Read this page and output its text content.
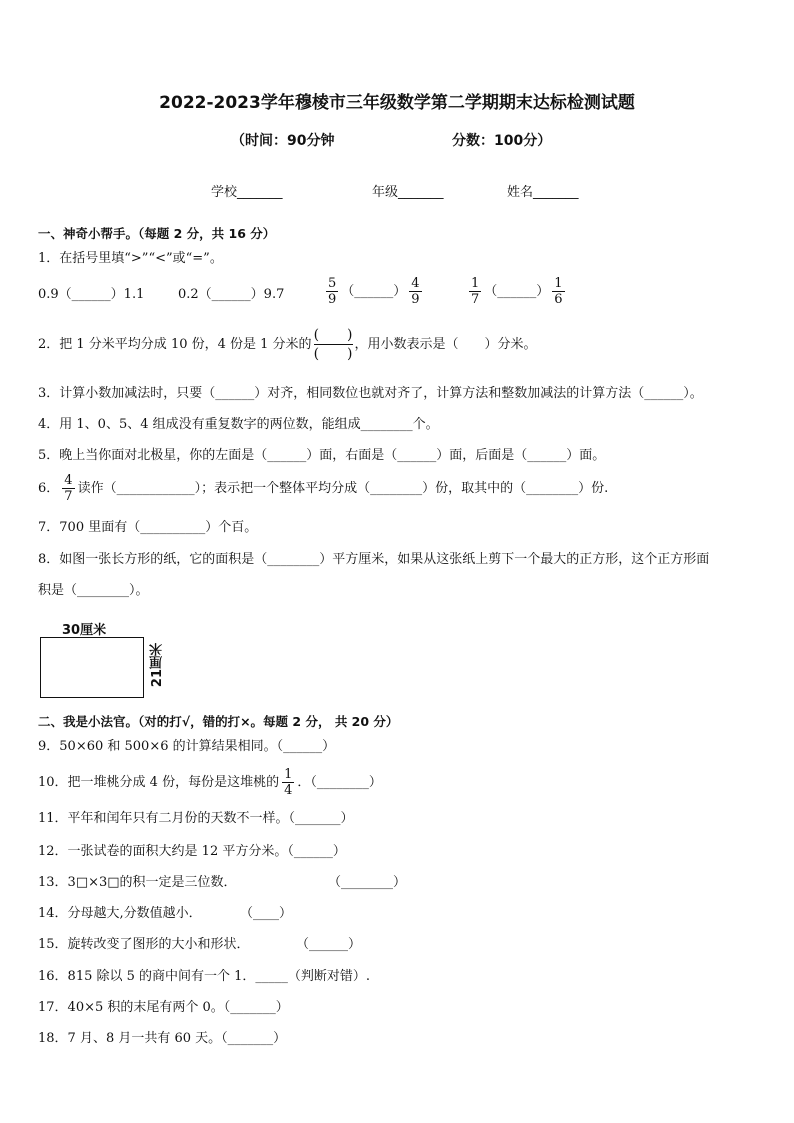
2022-2023学年穆棱市三年级数学第二学期期末达标检测试题
（时间：90分钟	分数：100分）
学校_______	年级_______	姓名_______
一、神奇小帮手。（每题 2 分，共 16 分）
1．在括号里填“>”“<”或“=”。
0.9（______）1.1	0.2（______）9.7	$\frac{5}{9}$ （______） $\frac{4}{9}$	$\frac{1}{7}$ （______） $\frac{1}{6}$
2．把 1 分米平均分成 10 份，4 份是 1 分米的
(　　)
(　　)
，用小数表示是（　　）分米。
3．计算小数加减法时，只要（______）对齐，相同数位也就对齐了，计算方法和整数加减法的计算方法（______）。
4．用 1、0、5、4 组成没有重复数字的两位数，能组成________个。
5．晚上当你面对北极星，你的左面是（______）面，右面是（______）面，后面是（______）面。
6． $\frac{4}{7}$ 读作（____________）；表示把一个整体平均分成（________）份，取其中的（________）份.
7．700 里面有（__________）个百。
8．如图一张长方形的纸，它的面积是（________）平方厘米，如果从这张纸上剪下一个最大的正方形，这个正方形面
积是（________）。
30厘米
21厘米
二、我是小法官。（对的打√，错的打×。每题 2 分， 共 20 分）
9．50×60 和 500×6 的计算结果相同。（______）
10．把一堆桃分成 4 份，每份是这堆桃的 $\frac{1}{4}$ ．（________）
11．平年和闰年只有二月份的天数不一样。（_______）
12．一张试卷的面积大约是 12 平方分米。（______）
13．3□×3□的积一定是三位数．	（________）
14．分母越大,分数值越小．	（____）
15．旋转改变了图形的大小和形状．	（______）
16．815 除以 5 的商中间有一个 1．_____（判断对错）.
17．40×5 积的末尾有两个 0。（_______）
18．7 月、8 月一共有 60 天。（_______）
